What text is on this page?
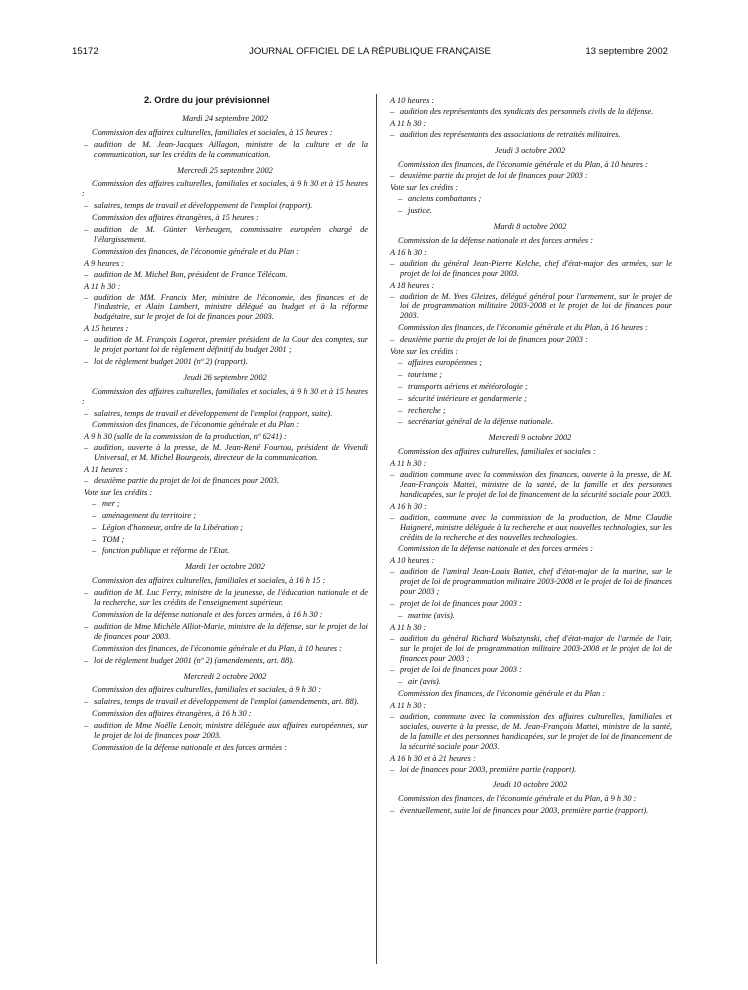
15172	JOURNAL OFFICIEL DE LA RÉPUBLIQUE FRANÇAISE	13 septembre 2002
2. Ordre du jour prévisionnel
Mardi 24 septembre 2002
Commission des affaires culturelles, familiales et sociales, à 15 heures :
– audition de M. Jean-Jacques Aillagon, ministre de la culture et de la communication, sur les crédits de la communication.
Mercredi 25 septembre 2002
Commission des affaires culturelles, familiales et sociales, à 9 h 30 et à 15 heures :
– salaires, temps de travail et développement de l'emploi (rapport).
Commission des affaires étrangères, à 15 heures :
– audition de M. Günter Verheugen, commissaire européen chargé de l'élargissement.
Commission des finances, de l'économie générale et du Plan :
A 9 heures :
– audition de M. Michel Bon, président de France Télécom.
A 11 h 30 :
– audition de MM. Francis Mer, ministre de l'économie, des finances et de l'industrie, et Alain Lambert, ministre délégué au budget et à la réforme budgétaire, sur le projet de loi de finances pour 2003.
A 15 heures :
– audition de M. François Logerot, premier président de la Cour des comptes, sur le projet portant loi de règlement définitif du budget 2001 ;
– loi de règlement budget 2001 (nº 2) (rapport).
Jeudi 26 septembre 2002
Commission des affaires culturelles, familiales et sociales, à 9 h 30 et à 15 heures :
– salaires, temps de travail et développement de l'emploi (rapport, suite).
Commission des finances, de l'économie générale et du Plan :
A 9 h 30 (salle de la commission de la production, nº 6241) :
– audition, ouverte à la presse, de M. Jean-René Fourtou, président de Vivendi Universal, et M. Michel Bourgeois, directeur de la communication.
A 11 heures :
– deuxième partie du projet de loi de finances pour 2003.
Vote sur les crédits :
– mer ;
– aménagement du territoire ;
– Légion d'honneur, ordre de la Libération ;
– TOM ;
– fonction publique et réforme de l'Etat.
Mardi 1er octobre 2002
Commission des affaires culturelles, familiales et sociales, à 16 h 15 :
– audition de M. Luc Ferry, ministre de la jeunesse, de l'éducation nationale et de la recherche, sur les crédits de l'enseignement supérieur.
Commission de la défense nationale et des forces armées, à 16 h 30 :
– audition de Mme Michèle Alliot-Marie, ministre de la défense, sur le projet de loi de finances pour 2003.
Commission des finances, de l'économie générale et du Plan, à 10 heures :
– loi de règlement budget 2001 (nº 2) (amendements, art. 88).
Mercredi 2 octobre 2002
Commission des affaires culturelles, familiales et sociales, à 9 h 30 :
– salaires, temps de travail et développement de l'emploi (amendements, art. 88).
Commission des affaires étrangères, à 16 h 30 :
– audition de Mme Noëlle Lenoir, ministre déléguée aux affaires européennes, sur le projet de loi de finances pour 2003.
Commission de la défense nationale et des forces armées :
A 10 heures :
– audition des représentants des syndicats des personnels civils de la défense.
A 11 h 30 :
– audition des représentants des associations de retraités militaires.
Jeudi 3 octobre 2002
Commission des finances, de l'économie générale et du Plan, à 10 heures :
– deuxième partie du projet de loi de finances pour 2003 :
Vote sur les crédits :
– anciens combattants ;
– justice.
Mardi 8 octobre 2002
Commission de la défense nationale et des forces armées :
A 16 h 30 :
– audition du général Jean-Pierre Kelche, chef d'état-major des armées, sur le projet de loi de finances pour 2003.
A 18 heures :
– audition de M. Yves Gleizes, délégué général pour l'armement, sur le projet de loi de programmation militaire 2003-2008 et le projet de loi de finances pour 2003.
Commission des finances, de l'économie générale et du Plan, à 16 heures :
– deuxième partie du projet de loi de finances pour 2003 :
Vote sur les crédits :
– affaires européennes ;
– tourisme ;
– transports aériens et météorologie ;
– sécurité intérieure et gendarmerie ;
– recherche ;
– secrétariat général de la défense nationale.
Mercredi 9 octobre 2002
Commission des affaires culturelles, familiales et sociales :
A 11 h 30 :
– audition commune avec la commission des finances, ouverte à la presse, de M. Jean-François Mattei, ministre de la santé, de la famille et des personnes handicapées, sur le projet de loi de financement de la sécurité sociale pour 2003.
A 16 h 30 :
– audition, commune avec la commission de la production, de Mme Claudie Haigneré, ministre déléguée à la recherche et aux nouvelles technologies, sur les crédits de la recherche et des nouvelles technologies.
Commission de la défense nationale et des forces armées :
A 10 heures :
– audition de l'amiral Jean-Louis Battet, chef d'état-major de la marine, sur le projet de loi de programmation militaire 2003-2008 et le projet de loi de finances pour 2003 ;
– projet de loi de finances pour 2003 :
– marine (avis).
A 11 h 30 :
– audition du général Richard Wolsztynski, chef d'état-major de l'armée de l'air, sur le projet de loi de programmation militaire 2003-2008 et le projet de loi de finances pour 2003 ;
– projet de loi de finances pour 2003 :
– air (avis).
Commission des finances, de l'économie générale et du Plan :
A 11 h 30 :
– audition, commune avec la commission des affaires culturelles, familiales et sociales, ouverte à la presse, de M. Jean-François Mattei, ministre de la santé, de la famille et des personnes handicapées, sur le projet de loi de financement de la sécurité sociale pour 2003.
A 16 h 30 et à 21 heures :
– loi de finances pour 2003, première partie (rapport).
Jeudi 10 octobre 2002
Commission des finances, de l'économie générale et du Plan, à 9 h 30 :
– éventuellement, suite loi de finances pour 2003, première partie (rapport).
